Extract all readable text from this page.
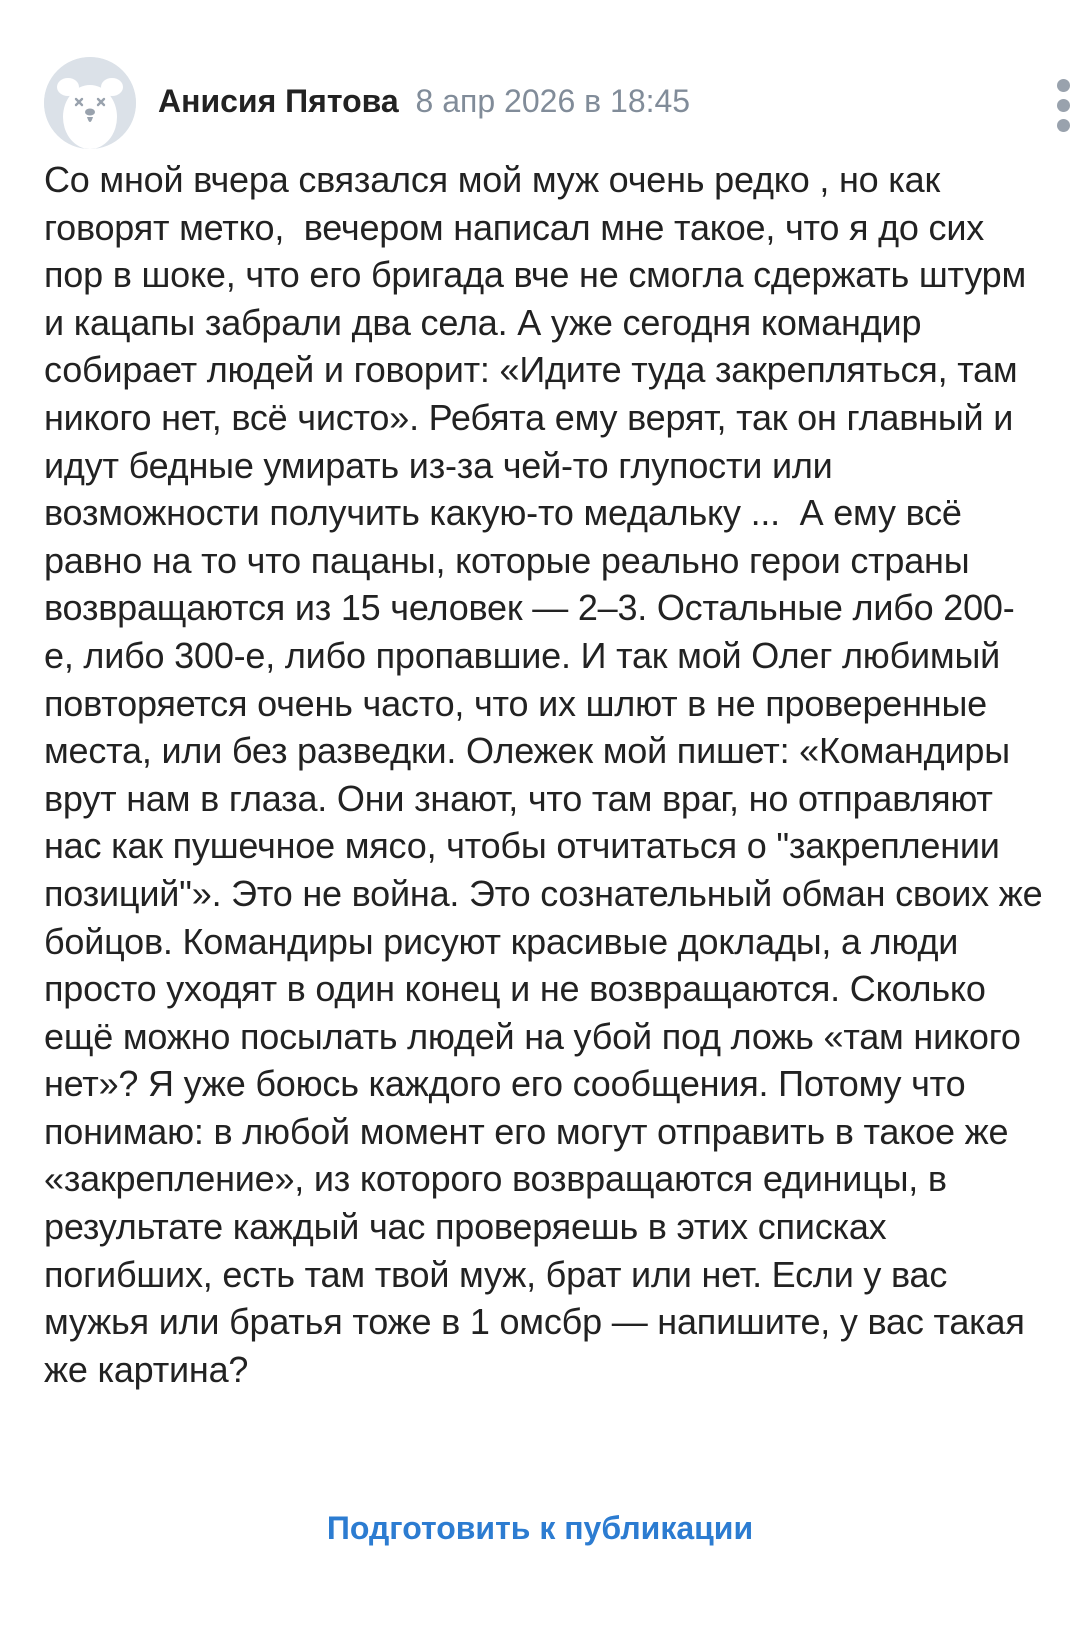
Анисия Пятова 8 апр 2026 в 18:45

Со мной вчера связался мой муж очень редко , но как говорят метко,  вечером написал мне такое, что я до сих пор в шоке, что его бригада вче не смогла сдержать штурм и кацапы забрали два села. А уже сегодня командир собирает людей и говорит: «Идите туда закрепляться, там никого нет, всё чисто». Ребята ему верят, так он главный и идут бедные умирать из-за чей-то глупости или возможности получить какую-то медальку ...  А ему всё равно на то что пацаны, которые реально герои страны возвращаются из 15 человек — 2–3. Остальные либо 200-е, либо 300-е, либо пропавшие. И так мой Олег любимый повторяется очень часто, что их шлют в не проверенные места, или без разведки. Олежек мой пишет: «Командиры врут нам в глаза. Они знают, что там враг, но отправляют нас как пушечное мясо, чтобы отчитаться о "закреплении позиций"». Это не война. Это сознательный обман своих же бойцов. Командиры рисуют красивые доклады, а люди просто уходят в один конец и не возвращаются. Сколько ещё можно посылать людей на убой под ложь «там никого нет»? Я уже боюсь каждого его сообщения. Потому что понимаю: в любой момент его могут отправить в такое же «закрепление», из которого возвращаются единицы, в результате каждый час проверяешь в этих списках погибших, есть там твой муж, брат или нет. Если у вас мужья или братья тоже в 1 омсбр — напишите, у вас такая же картина?

Подготовить к публикации
